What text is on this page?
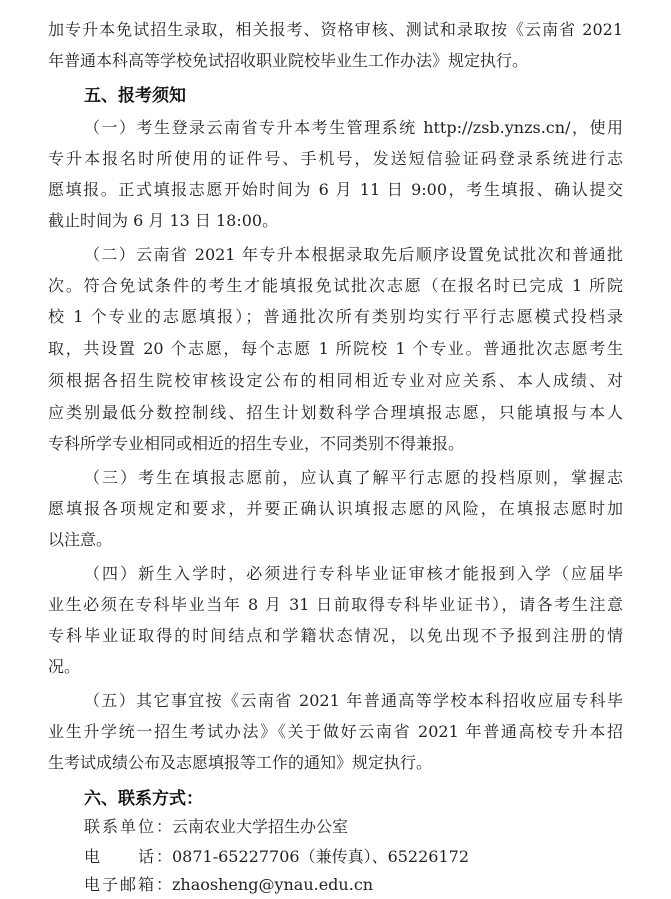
加专升本免试招生录取，相关报考、资格审核、测试和录取按《云南省 2021
年普通本科高等学校免试招收职业院校毕业生工作办法》规定执行。
五、报考须知
（一）考生登录云南省专升本考生管理系统 http://zsb.ynzs.cn/，使用
专升本报名时所使用的证件号、手机号，发送短信验证码登录系统进行志
愿填报。正式填报志愿开始时间为 6 月 11 日 9:00，考生填报、确认提交
截止时间为 6 月 13 日 18:00。
（二）云南省 2021 年专升本根据录取先后顺序设置免试批次和普通批
次。符合免试条件的考生才能填报免试批次志愿（在报名时已完成 1 所院
校 1 个专业的志愿填报）；普通批次所有类别均实行平行志愿模式投档录
取，共设置 20 个志愿，每个志愿 1 所院校 1 个专业。普通批次志愿考生
须根据各招生院校审核设定公布的相同相近专业对应关系、本人成绩、对
应类别最低分数控制线、招生计划数科学合理填报志愿，只能填报与本人
专科所学专业相同或相近的招生专业，不同类别不得兼报。
（三）考生在填报志愿前，应认真了解平行志愿的投档原则，掌握志
愿填报各项规定和要求，并要正确认识填报志愿的风险，在填报志愿时加
以注意。
（四）新生入学时，必须进行专科毕业证审核才能报到入学（应届毕
业生必须在专科毕业当年 8 月 31 日前取得专科毕业证书），请各考生注意
专科毕业证取得的时间结点和学籍状态情况，以免出现不予报到注册的情
况。
（五）其它事宜按《云南省 2021 年普通高等学校本科招收应届专科毕
业生升学统一招生考试办法》《关于做好云南省 2021 年普通高校专升本招
生考试成绩公布及志愿填报等工作的通知》规定执行。
六、联系方式：
联系单位：云南农业大学招生办公室
电　　话：0871-65227706（兼传真）、65226172
电子邮箱：zhaosheng@ynau.edu.cn
